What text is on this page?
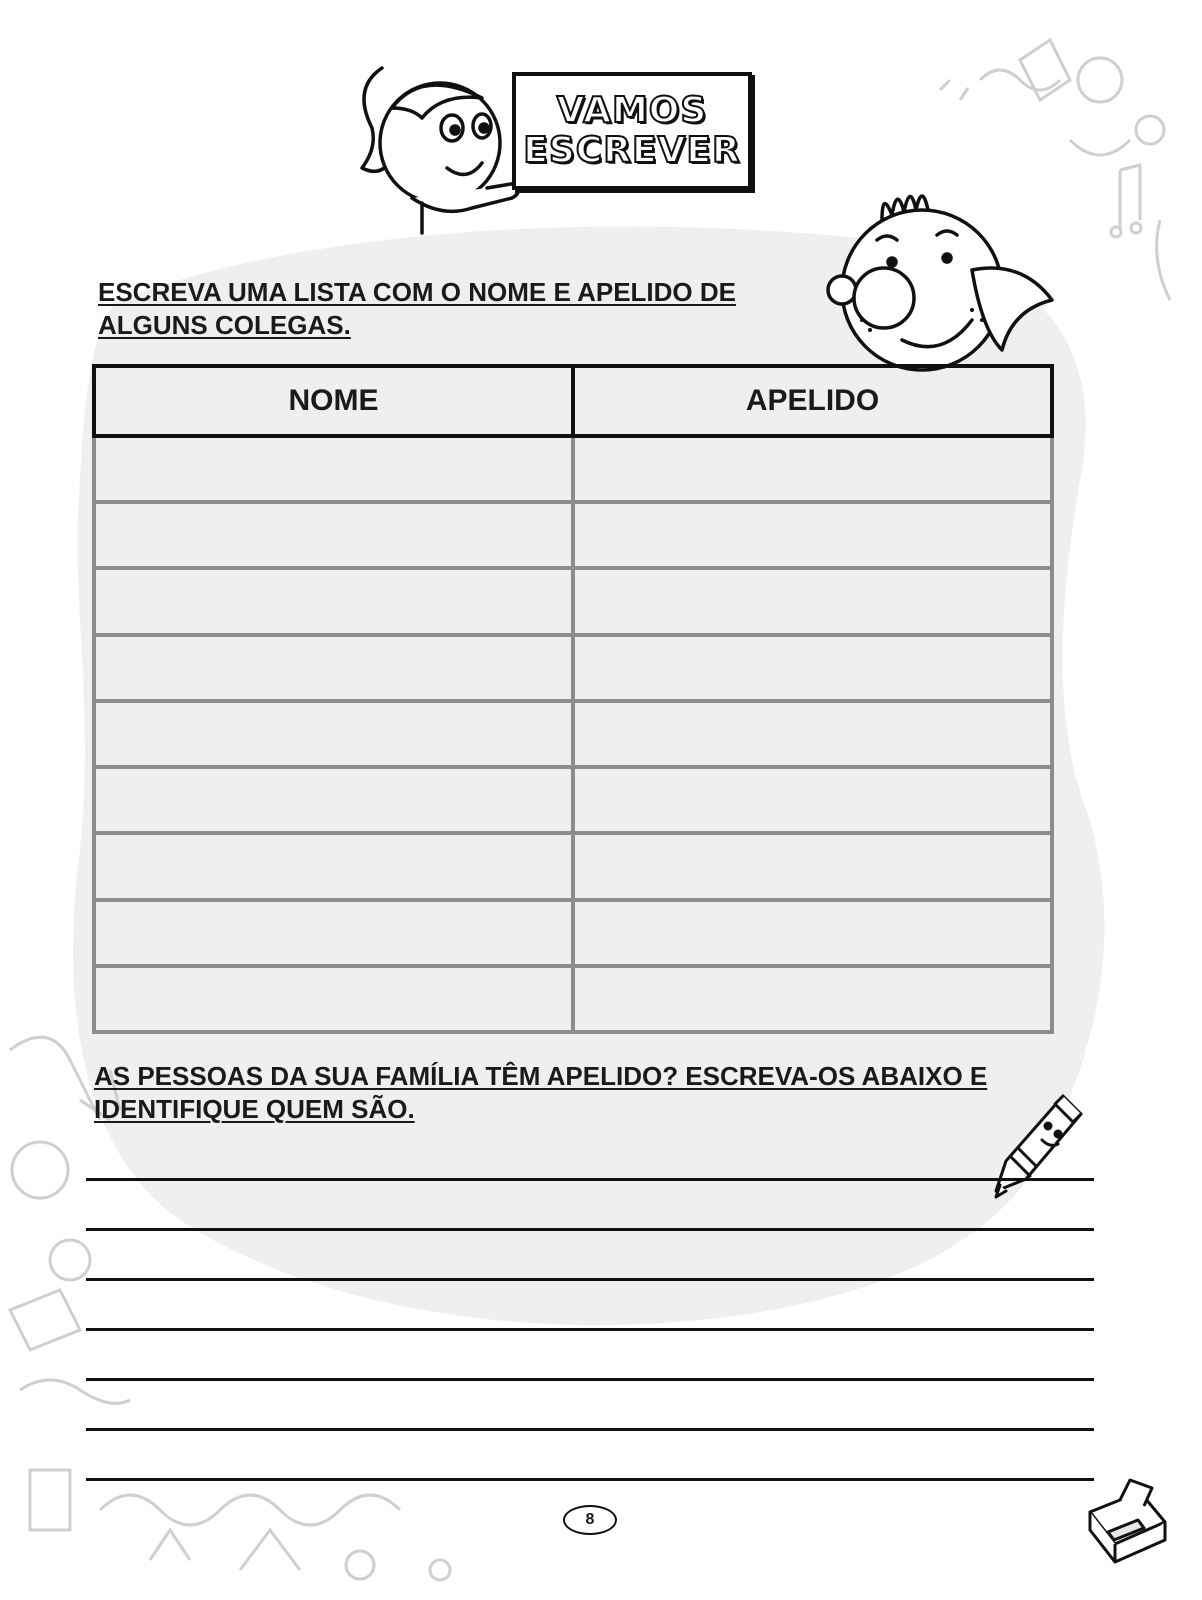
VAMOS
ESCREVER

ESCREVA UMA LISTA COM O NOME E APELIDO DE ALGUNS COLEGAS.

NOME	APELIDO

AS PESSOAS DA SUA FAMÍLIA TÊM APELIDO? ESCREVA-OS ABAIXO E IDENTIFIQUE QUEM SÃO.

8
